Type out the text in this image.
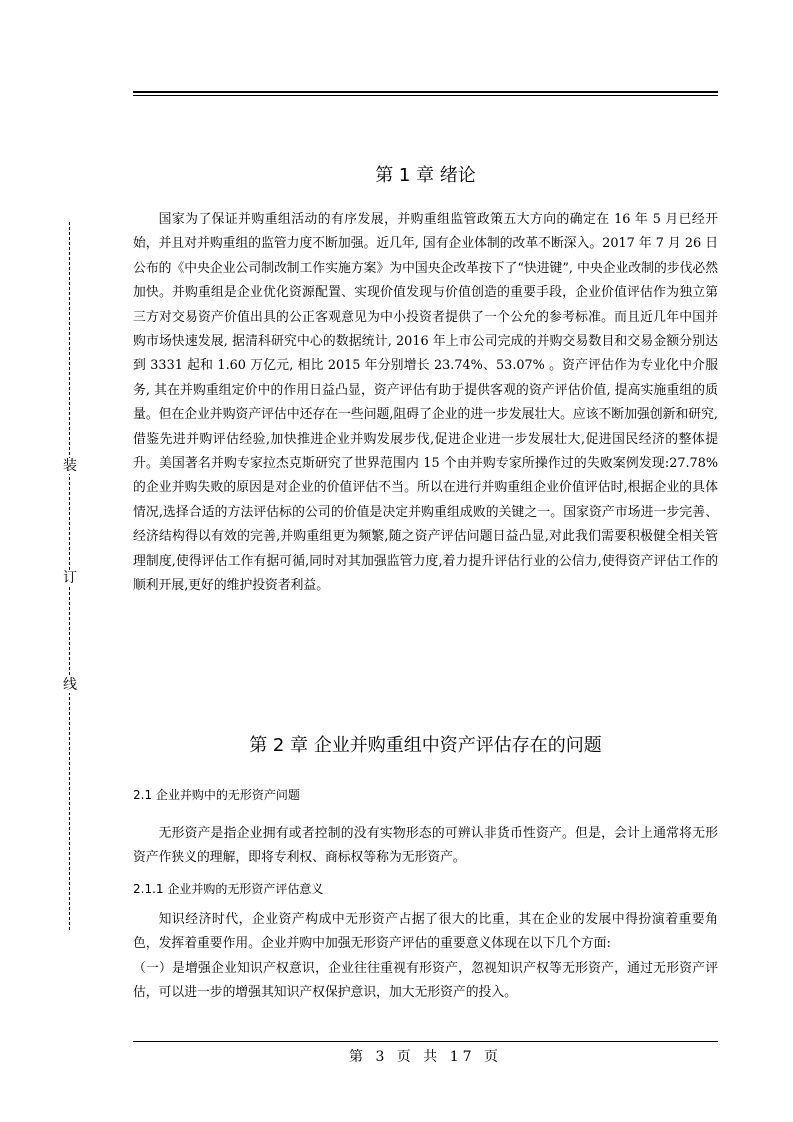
装
订
线
第 1 章 绪论

国家为了保证并购重组活动的有序发展，并购重组监管政策五大方向的确定在 16 年 5 月已经开始，并且对并购重组的监管力度不断加强。近几年, 国有企业体制的改革不断深入。2017 年 7 月 26 日公布的《中央企业公司制改制工作实施方案》为中国央企改革按下了“快进键”, 中央企业改制的步伐必然加快。并购重组是企业优化资源配置、实现价值发现与价值创造的重要手段，企业价值评估作为独立第三方对交易资产价值出具的公正客观意见为中小投资者提供了一个公允的参考标准。而且近几年中国并购市场快速发展, 据清科研究中心的数据统计, 2016 年上市公司完成的并购交易数目和交易金额分别达到 3331 起和 1.60 万亿元, 相比 2015 年分别增长 23.74%、53.07% 。资产评估作为专业化中介服务, 其在并购重组定价中的作用日益凸显，资产评估有助于提供客观的资产评估价值, 提高实施重组的质量。但在企业并购资产评估中还存在一些问题,阻碍了企业的进一步发展壮大。应该不断加强创新和研究,借鉴先进并购评估经验,加快推进企业并购发展步伐,促进企业进一步发展壮大,促进国民经济的整体提升。美国著名并购专家拉杰克斯研究了世界范围内 15 个由并购专家所操作过的失败案例发现:27.78%的企业并购失败的原因是对企业的价值评估不当。所以在进行并购重组企业价值评估时,根据企业的具体情况,选择合适的方法评估标的公司的价值是决定并购重组成败的关键之一。国家资产市场进一步完善、经济结构得以有效的完善,并购重组更为频繁,随之资产评估问题日益凸显,对此我们需要积极健全相关管理制度,使得评估工作有据可循,同时对其加强监管力度,着力提升评估行业的公信力,使得资产评估工作的顺利开展,更好的维护投资者利益。

第 2 章 企业并购重组中资产评估存在的问题
2.1 企业并购中的无形资产问题

无形资产是指企业拥有或者控制的没有实物形态的可辨认非货币性资产。但是，会计上通常将无形资产作狭义的理解，即将专利权、商标权等称为无形资产。

2.1.1 企业并购的无形资产评估意义

知识经济时代，企业资产构成中无形资产占据了很大的比重，其在企业的发展中得扮演着重要角色，发挥着重要作用。企业并购中加强无形资产评估的重要意义体现在以下几个方面:

（一）是增强企业知识产权意识，企业往往重视有形资产，忽视知识产权等无形资产，通过无形资产评估，可以进一步的增强其知识产权保护意识，加大无形资产的投入。

第 3 页 共 17 页
